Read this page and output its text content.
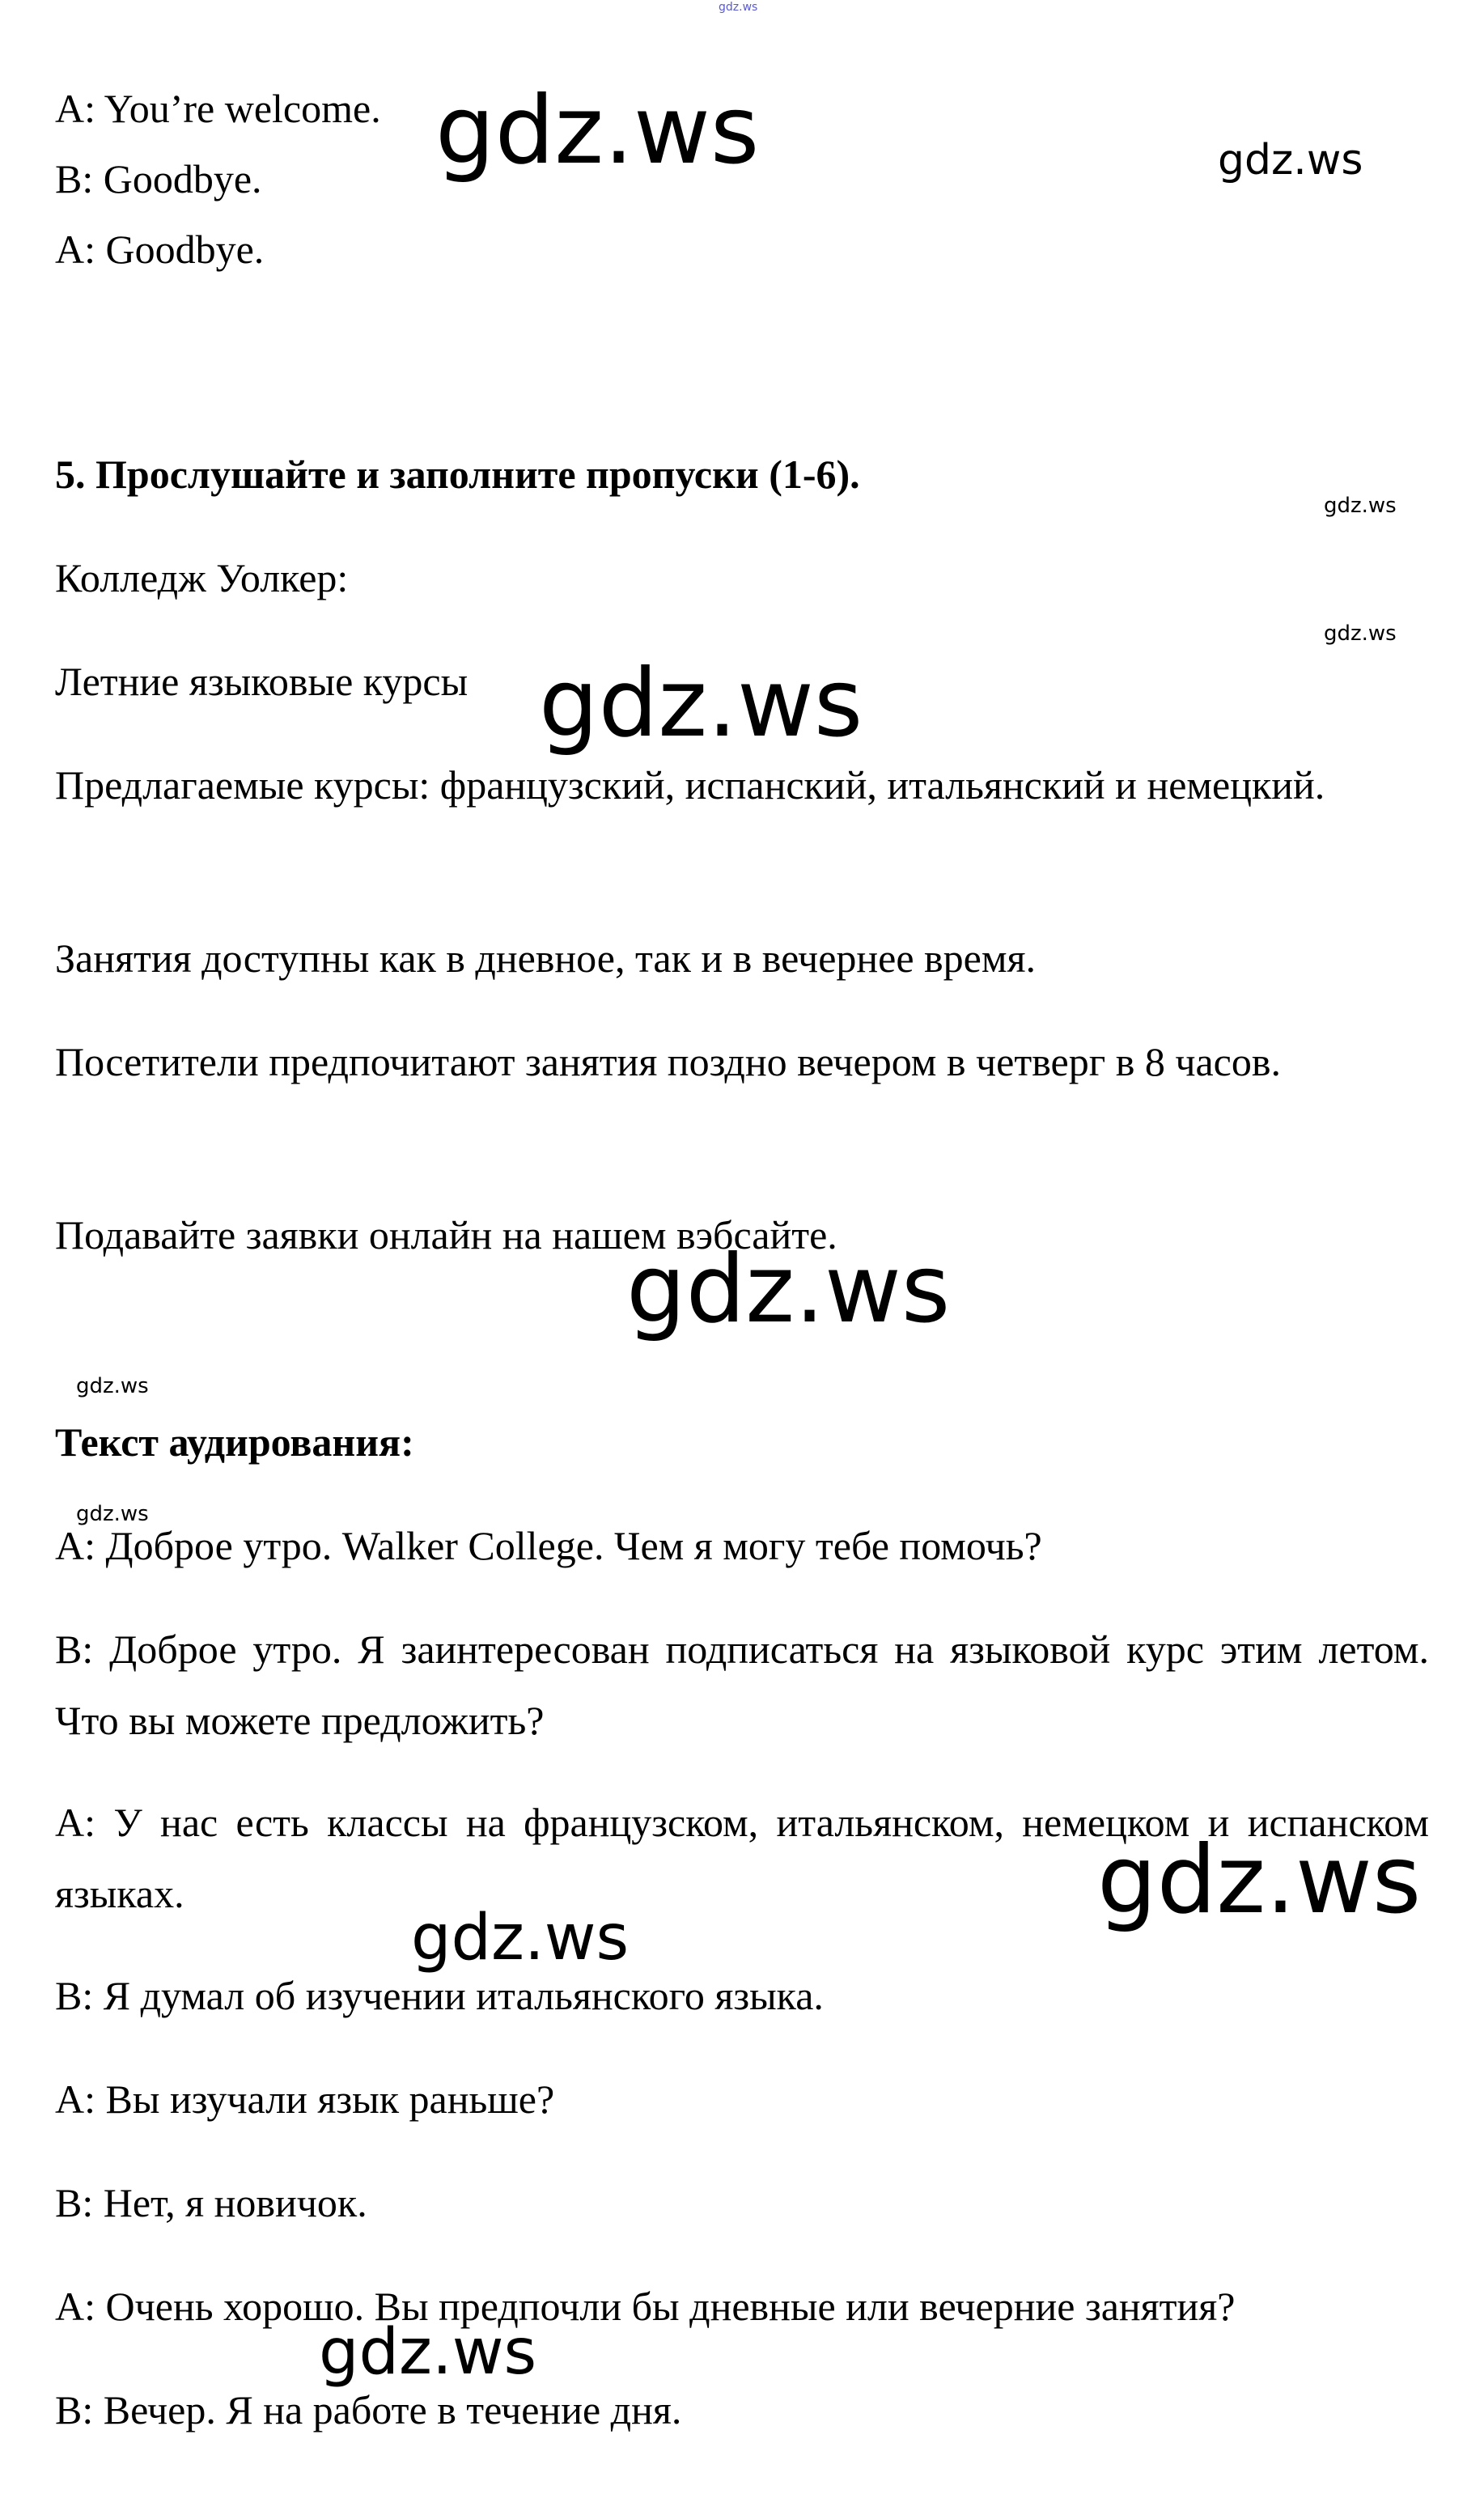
gdz.ws
A: You’re welcome.
B: Goodbye.
A: Goodbye.
5. Прослушайте и заполните пропуски (1-6).
Колледж Уолкер:
Летние языковые курсы
Предлагаемые курсы: французский, испанский, итальянский и немецкий.
Занятия доступны как в дневное, так и в вечернее время.
Посетители предпочитают занятия поздно вечером в четверг в 8 часов.
Подавайте заявки онлайн на нашем вэбсайте.
Текст аудирования:
A: Доброе утро. Walker College. Чем я могу тебе помочь?
B: Доброе утро. Я заинтересован подписаться на языковой курс этим летом. Что вы можете предложить?
A: У нас есть классы на французском, итальянском, немецком и испанском языках.
B: Я думал об изучении итальянского языка.
A: Вы изучали язык раньше?
B: Нет, я новичок.
A: Очень хорошо. Вы предпочли бы дневные или вечерние занятия?
B: Вечер. Я на работе в течение дня.
gdz.ws	gdz.ws
gdz.ws
gdz.ws
gdz.ws
gdz.ws
gdz.ws
gdz.ws
gdz.ws
gdz.ws
gdz.ws
